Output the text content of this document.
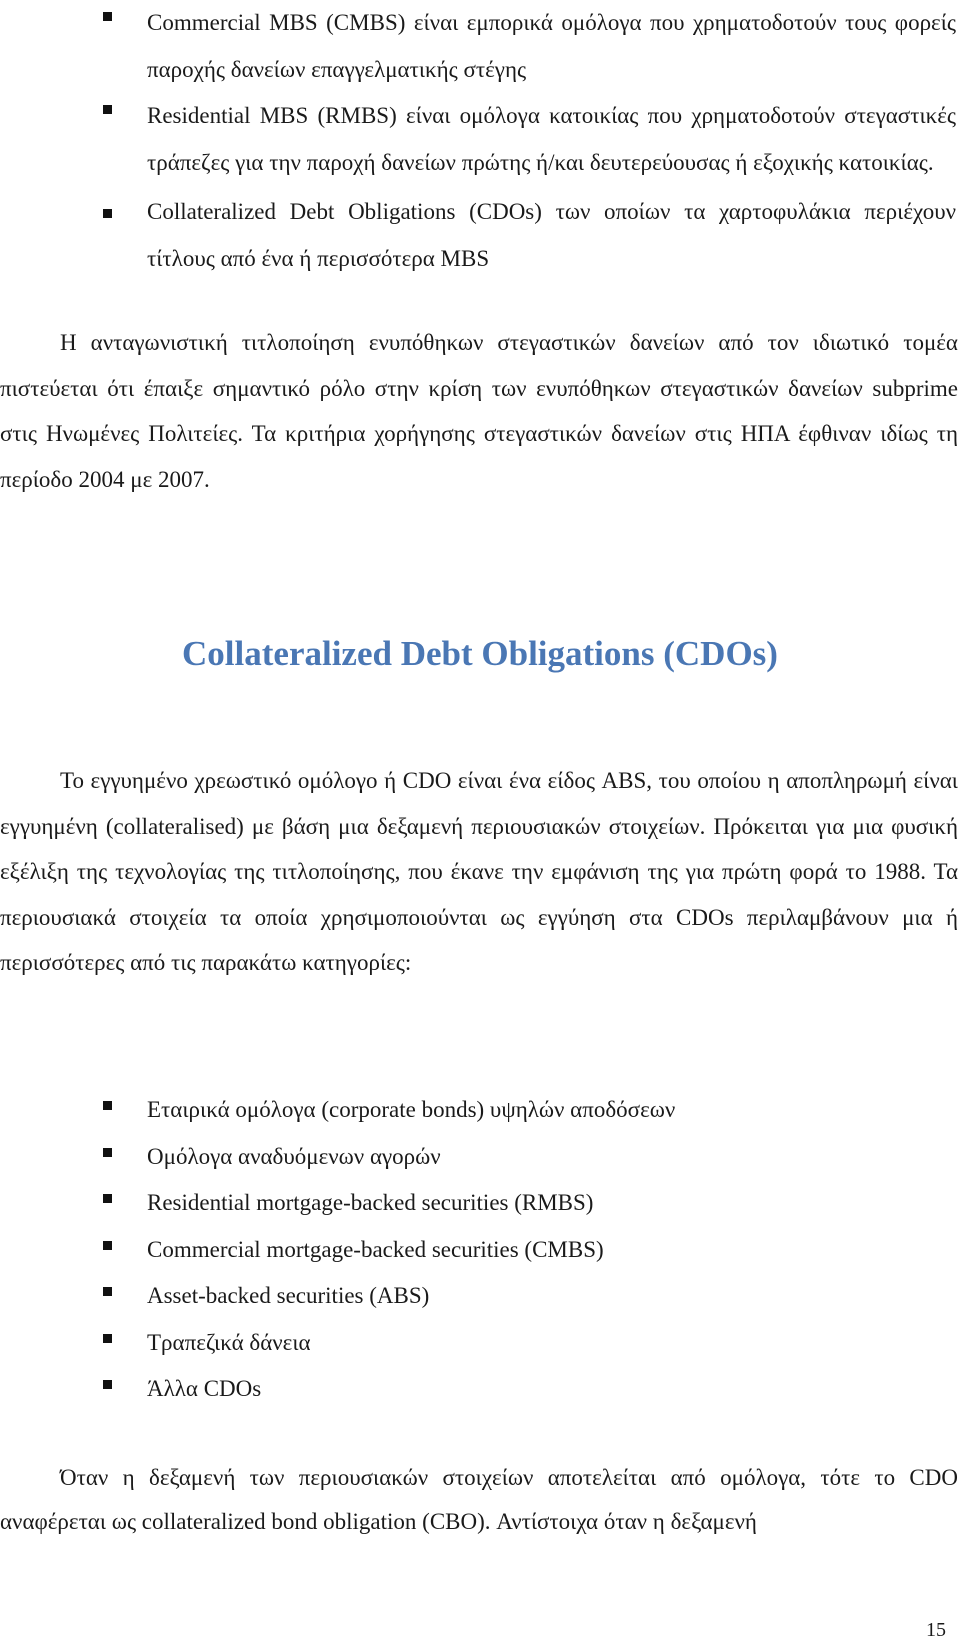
Commercial MBS (CMBS) είναι εμπορικά ομόλογα που χρηματοδοτούν τους φορείς παροχής δανείων επαγγελματικής στέγης
Residential MBS (RMBS) είναι ομόλογα κατοικίας που χρηματοδοτούν στεγαστικές τράπεζες για την παροχή δανείων πρώτης ή/και δευτερεύουσας ή εξοχικής κατοικίας.
Collateralized Debt Obligations (CDOs) των οποίων τα χαρτοφυλάκια περιέχουν τίτλους από ένα ή περισσότερα MBS

Η ανταγωνιστική τιτλοποίηση ενυπόθηκων στεγαστικών δανείων από τον ιδιωτικό τομέα πιστεύεται ότι έπαιξε σημαντικό ρόλο στην κρίση των ενυπόθηκων στεγαστικών δανείων subprime στις Ηνωμένες Πολιτείες. Τα κριτήρια χορήγησης στεγαστικών δανείων στις ΗΠΑ έφθιναν ιδίως τη περίοδο 2004 με 2007.

Collateralized Debt Obligations (CDOs)

Το εγγυημένο χρεωστικό ομόλογο ή CDO είναι ένα είδος ABS, του οποίου η αποπληρωμή είναι εγγυημένη (collateralised) με βάση μια δεξαμενή περιουσιακών στοιχείων. Πρόκειται για μια φυσική εξέλιξη της τεχνολογίας της τιτλοποίησης, που έκανε την εμφάνιση της για πρώτη φορά το 1988. Τα περιουσιακά στοιχεία τα οποία χρησιμοποιούνται ως εγγύηση στα CDOs περιλαμβάνουν μια ή περισσότερες από τις παρακάτω κατηγορίες:

Εταιρικά ομόλογα (corporate bonds) υψηλών αποδόσεων
Ομόλογα αναδυόμενων αγορών
Residential mortgage-backed securities (RMBS)
Commercial mortgage-backed securities (CMBS)
Asset-backed securities (ABS)
Τραπεζικά δάνεια
Άλλα CDOs

Όταν η δεξαμενή των περιουσιακών στοιχείων αποτελείται από ομόλογα, τότε το CDO αναφέρεται ως collateralized bond obligation (CBO). Αντίστοιχα όταν η δεξαμενή

15
